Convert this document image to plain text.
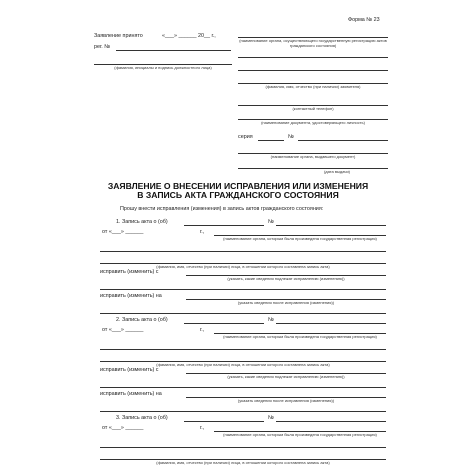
Форма № 23
Заявление принято	«___» ______ 20__ г.,
рег. №
(фамилия, инициалы и подпись должностного лица)
(наименование органа, осуществляющего государственную регистрацию актов гражданского состояния)
(фамилия, имя, отчество (при наличии) заявителя)
(контактный телефон)
(наименование документа, удостоверяющего личность)
серия	№
(наименование органа, выдавшего документ)
(дата выдачи)
ЗАЯВЛЕНИЕ О ВНЕСЕНИИ ИСПРАВЛЕНИЯ ИЛИ ИЗМЕНЕНИЯ
В ЗАПИСЬ АКТА ГРАЖДАНСКОГО СОСТОЯНИЯ
Прошу внести исправления (изменения) в запись актов гражданского состояния:
1. Запись акта о (об)	№
от «___» ______	г.,
(наименование органа, которым была произведена государственная регистрация)
(фамилия, имя, отчество (при наличии) лица, в отношении которого составлена запись акта)
исправить (изменить) с
(указать, какие сведения подлежат исправлению (изменению))
исправить (изменить) на
(указать сведения после исправления (изменения))
2. Запись акта о (об)	№
от «___» ______	г.,
(наименование органа, которым была произведена государственная регистрация)
(фамилия, имя, отчество (при наличии) лица, в отношении которого составлена запись акта)
исправить (изменить) с
(указать, какие сведения подлежат исправлению (изменению))
исправить (изменить) на
(указать сведения после исправления (изменения))
3. Запись акта о (об)	№
от «___» ______	г.,
(наименование органа, которым была произведена государственная регистрация)
(фамилия, имя, отчество (при наличии) лица, в отношении которого составлена запись акта)
